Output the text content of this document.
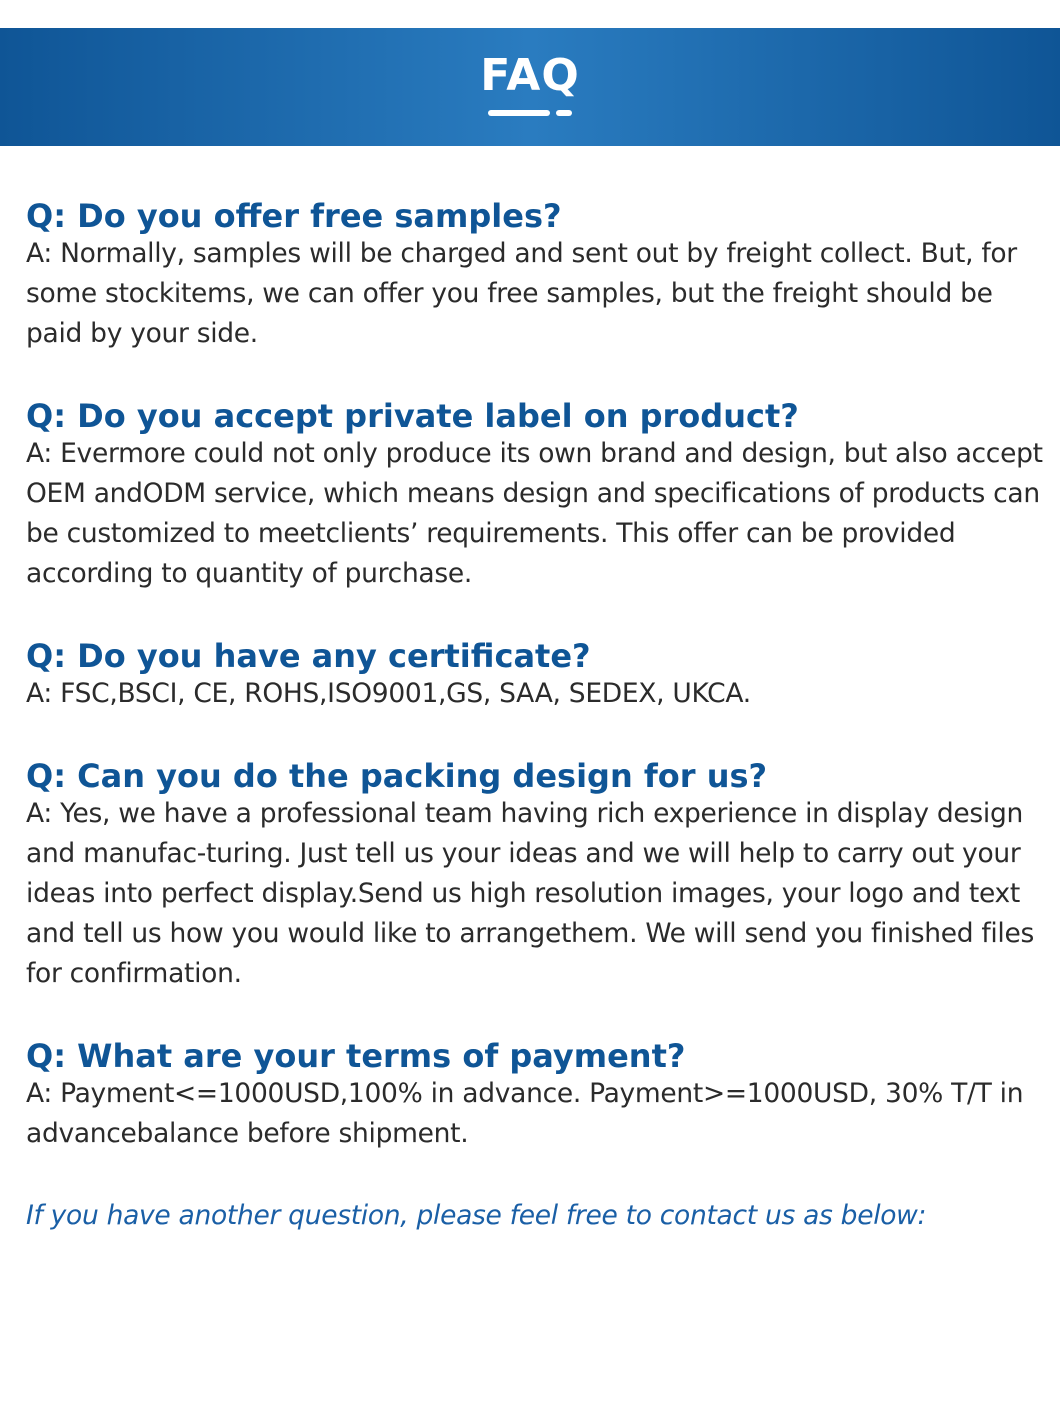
FAQ

Q: Do you offer free samples?

A: Normally, samples will be charged and sent out by freight collect. But, for some stockitems, we can offer you free samples, but the freight should be paid by your side.

Q: Do you accept private label on product?

A: Evermore could not only produce its own brand and design, but also accept OEM andODM service, which means design and specifications of products can be customized to meetclients’ requirements. This offer can be provided according to quantity of purchase.

Q: Do you have any certificate?

A: FSC,BSCI, CE, ROHS,ISO9001,GS, SAA, SEDEX, UKCA.

Q: Can you do the packing design for us?

A: Yes, we have a professional team having rich experience in display design and manufac-turing. Just tell us your ideas and we will help to carry out your ideas into perfect display.Send us high resolution images, your logo and text and tell us how you would like to arrangethem. We will send you finished files for confirmation.

Q: What are your terms of payment?

A: Payment<=1000USD,100% in advance. Payment>=1000USD, 30% T/T in advancebalance before shipment.

If you have another question, please feel free to contact us as below:
